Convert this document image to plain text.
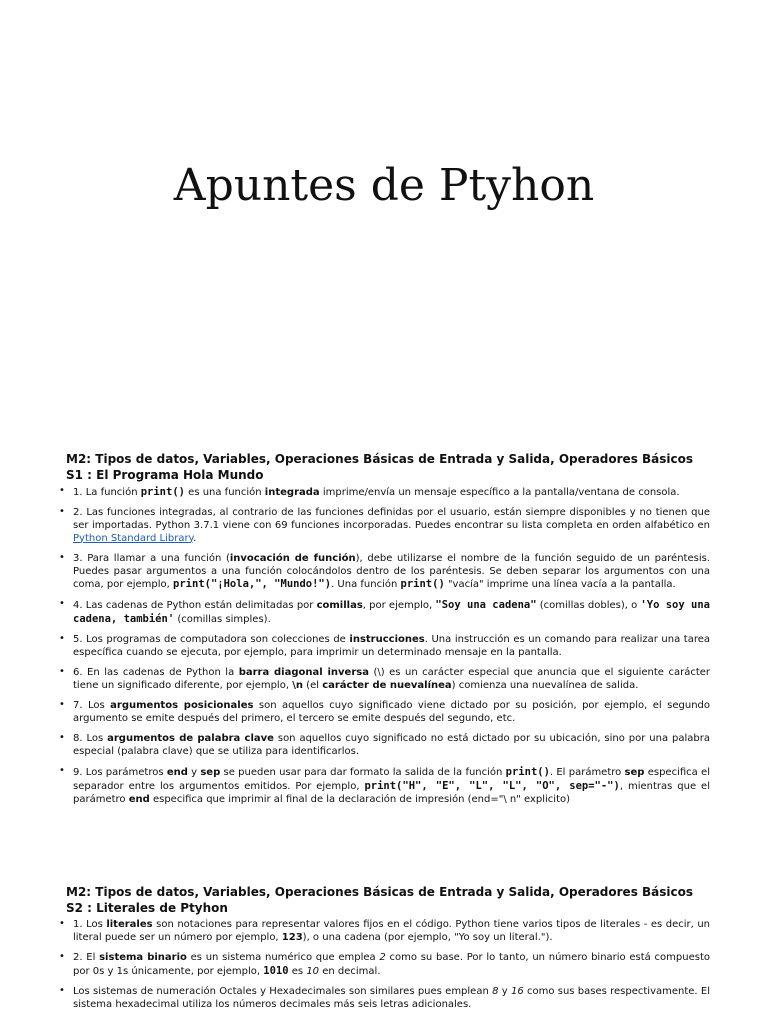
Apuntes de Ptyhon
M2: Tipos de datos, Variables, Operaciones Básicas de Entrada y Salida, Operadores Básicos
S1 : El Programa Hola Mundo
• 1. La función print() es una función integrada imprime/envía un mensaje específico a la pantalla/ventana de consola.
• 2. Las funciones integradas, al contrario de las funciones definidas por el usuario, están siempre disponibles y no tienen que ser importadas. Python 3.7.1 viene con 69 funciones incorporadas. Puedes encontrar su lista completa en orden alfabético en Python Standard Library.
• 3. Para llamar a una función (invocación de función), debe utilizarse el nombre de la función seguido de un paréntesis. Puedes pasar argumentos a una función colocándolos dentro de los paréntesis. Se deben separar los argumentos con una coma, por ejemplo, print("¡Hola,", "Mundo!"). Una función print() "vacía" imprime una línea vacía a la pantalla.
• 4. Las cadenas de Python están delimitadas por comillas, por ejemplo, "Soy una cadena" (comillas dobles), o 'Yo soy una cadena, también' (comillas simples).
• 5. Los programas de computadora son colecciones de instrucciones. Una instrucción es un comando para realizar una tarea específica cuando se ejecuta, por ejemplo, para imprimir un determinado mensaje en la pantalla.
• 6. En las cadenas de Python la barra diagonal inversa (\) es un carácter especial que anuncia que el siguiente carácter tiene un significado diferente, por ejemplo, \n (el carácter de nuevalínea) comienza una nuevalínea de salida.
• 7. Los argumentos posicionales son aquellos cuyo significado viene dictado por su posición, por ejemplo, el segundo argumento se emite después del primero, el tercero se emite después del segundo, etc.
• 8. Los argumentos de palabra clave son aquellos cuyo significado no está dictado por su ubicación, sino por una palabra especial (palabra clave) que se utiliza para identificarlos.
• 9. Los parámetros end y sep se pueden usar para dar formato la salida de la función print(). El parámetro sep especifica el separador entre los argumentos emitidos. Por ejemplo, print("H", "E", "L", "L", "O", sep="-"), mientras que el parámetro end especifica que imprimir al final de la declaración de impresión (end="\ n" explicito)
M2: Tipos de datos, Variables, Operaciones Básicas de Entrada y Salida, Operadores Básicos
S2 : Literales de Ptyhon
• 1. Los literales son notaciones para representar valores fijos en el código. Python tiene varios tipos de literales - es decir, un literal puede ser un número por ejemplo, 123), o una cadena (por ejemplo, "Yo soy un literal.").
• 2. El sistema binario es un sistema numérico que emplea 2 como su base. Por lo tanto, un número binario está compuesto por 0s y 1s únicamente, por ejemplo, 1010 es 10 en decimal.
• Los sistemas de numeración Octales y Hexadecimales son similares pues emplean 8 y 16 como sus bases respectivamente. El sistema hexadecimal utiliza los números decimales más seis letras adicionales.
